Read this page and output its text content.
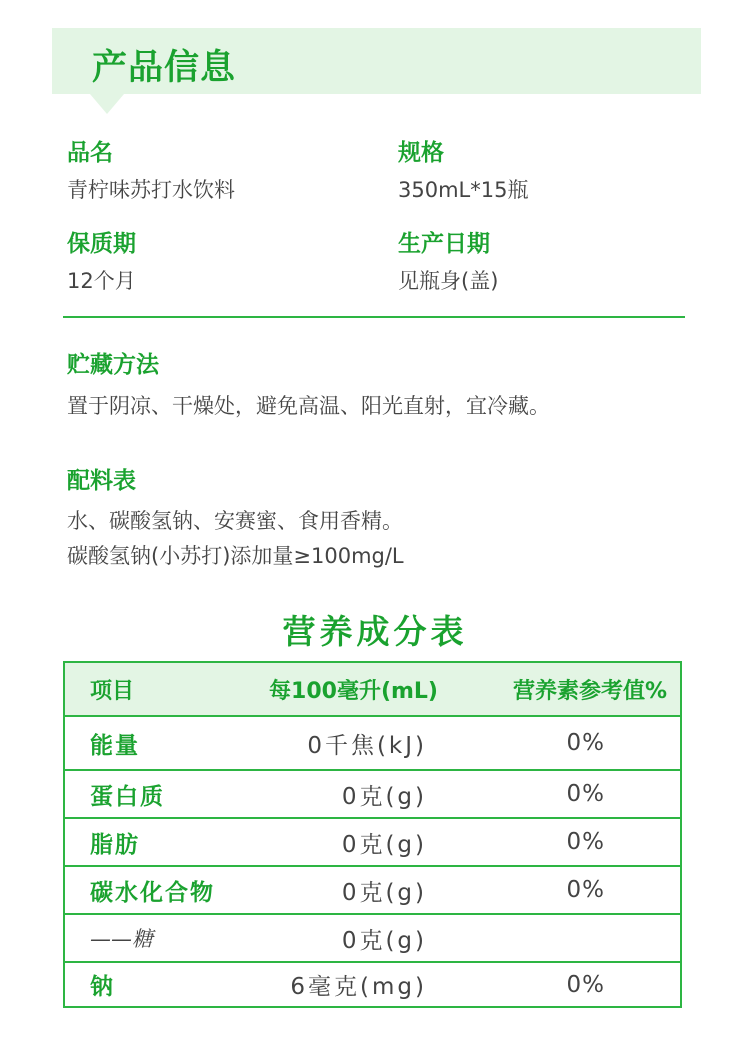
产品信息
品名
青柠味苏打水饮料
规格
350mL*15瓶
保质期
12个月
生产日期
见瓶身(盖)
贮藏方法
置于阴凉、干燥处，避免高温、阳光直射，宜冷藏。
配料表
水、碳酸氢钠、安赛蜜、食用香精。
碳酸氢钠(小苏打)添加量≥100mg/L
营养成分表
项目	每100毫升(mL)	营养素参考值%
能量	0千焦(kJ)	0%
蛋白质	0克(g)	0%
脂肪	0克(g)	0%
碳水化合物	0克(g)	0%
——糖	0克(g)
钠	6毫克(mg)	0%
